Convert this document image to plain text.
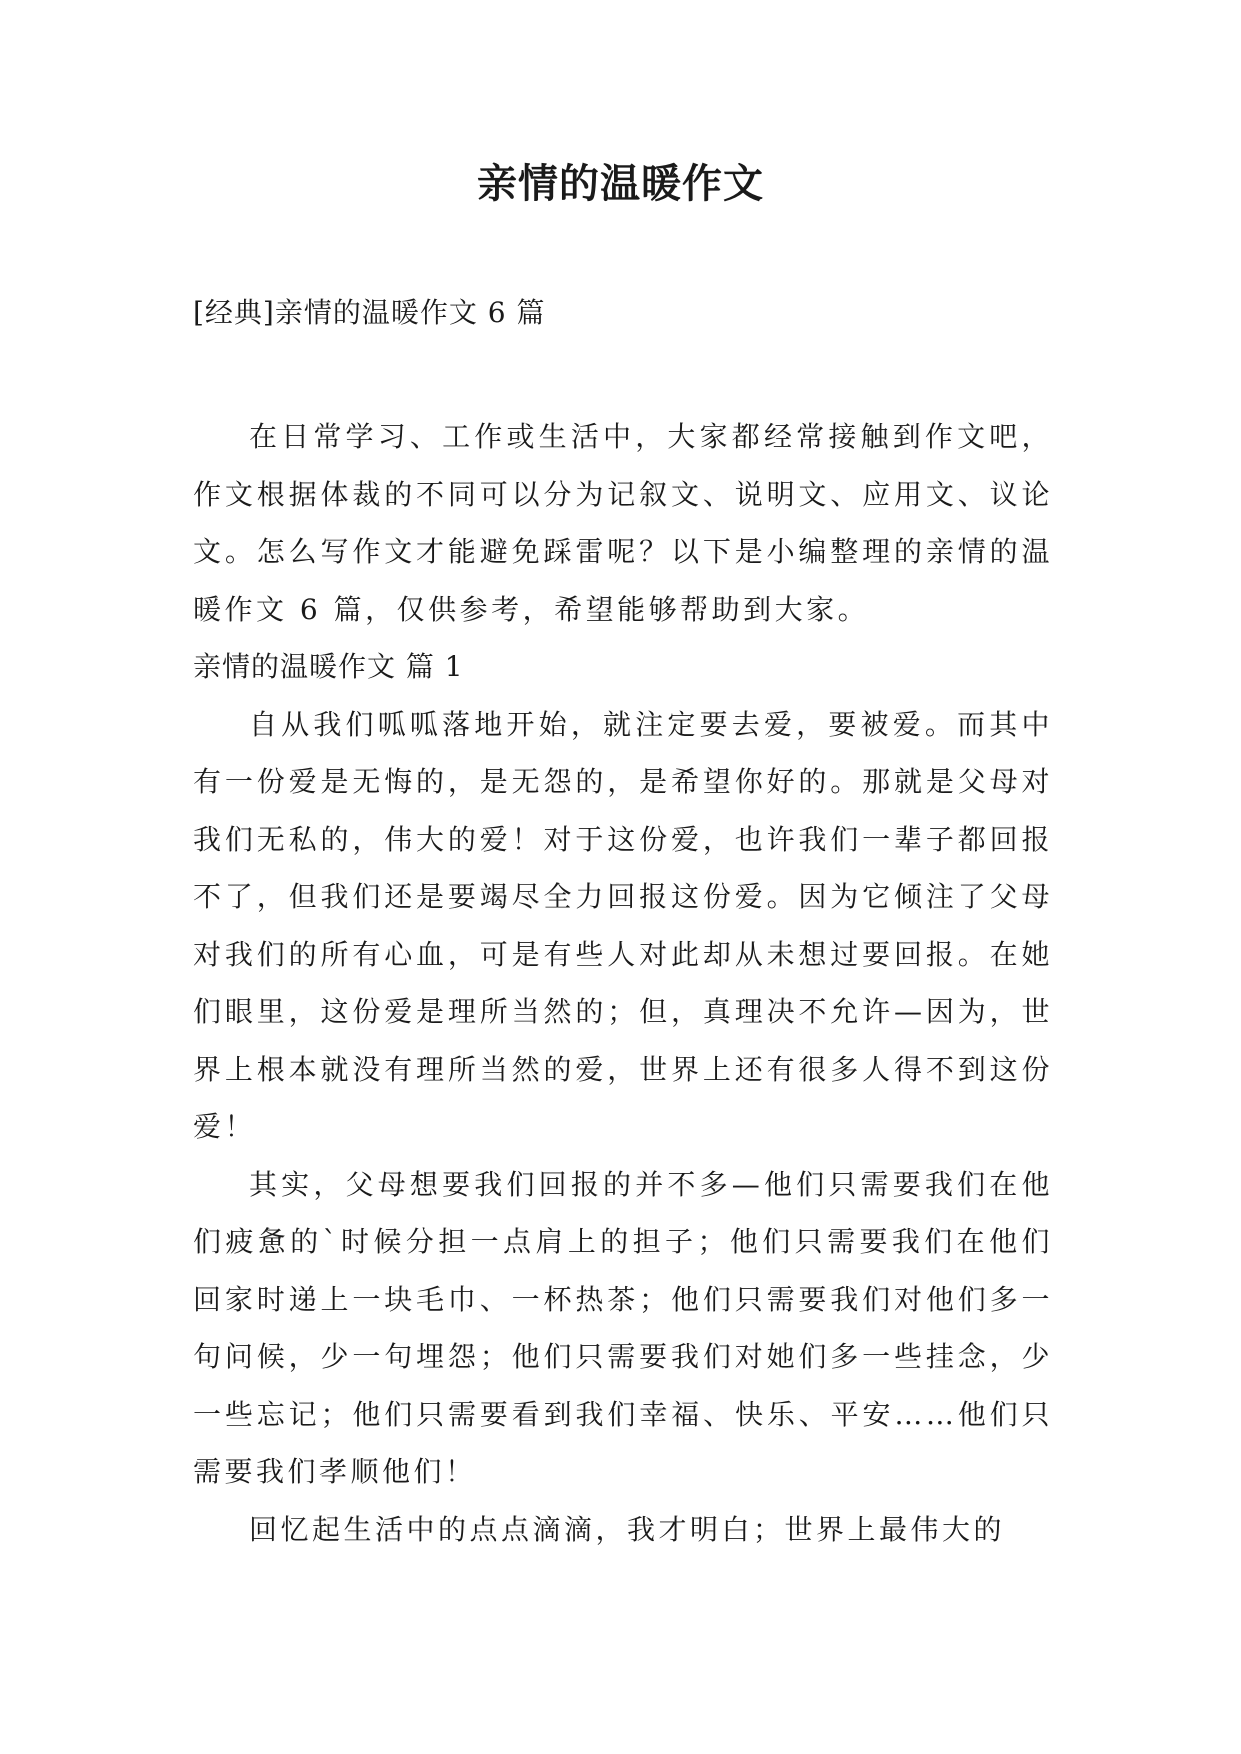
亲情的温暖作文
[经典]亲情的温暖作文 6 篇

在日常学习、工作或生活中，大家都经常接触到作文吧，作文根据体裁的不同可以分为记叙文、说明文、应用文、议论文。怎么写作文才能避免踩雷呢？以下是小编整理的亲情的温暖作文 6 篇，仅供参考，希望能够帮助到大家。

亲情的温暖作文 篇 1

自从我们呱呱落地开始，就注定要去爱，要被爱。而其中有一份爱是无悔的，是无怨的，是希望你好的。那就是父母对我们无私的，伟大的爱！对于这份爱，也许我们一辈子都回报不了，但我们还是要竭尽全力回报这份爱。因为它倾注了父母对我们的所有心血，可是有些人对此却从未想过要回报。在她们眼里，这份爱是理所当然的；但，真理决不允许—因为，世界上根本就没有理所当然的爱，世界上还有很多人得不到这份爱！

其实，父母想要我们回报的并不多—他们只需要我们在他们疲惫的`时候分担一点肩上的担子；他们只需要我们在他们回家时递上一块毛巾、一杯热茶；他们只需要我们对他们多一句问候，少一句埋怨；他们只需要我们对她们多一些挂念，少一些忘记；他们只需要看到我们幸福、快乐、平安……他们只需要我们孝顺他们！

回忆起生活中的点点滴滴，我才明白；世界上最伟大的
